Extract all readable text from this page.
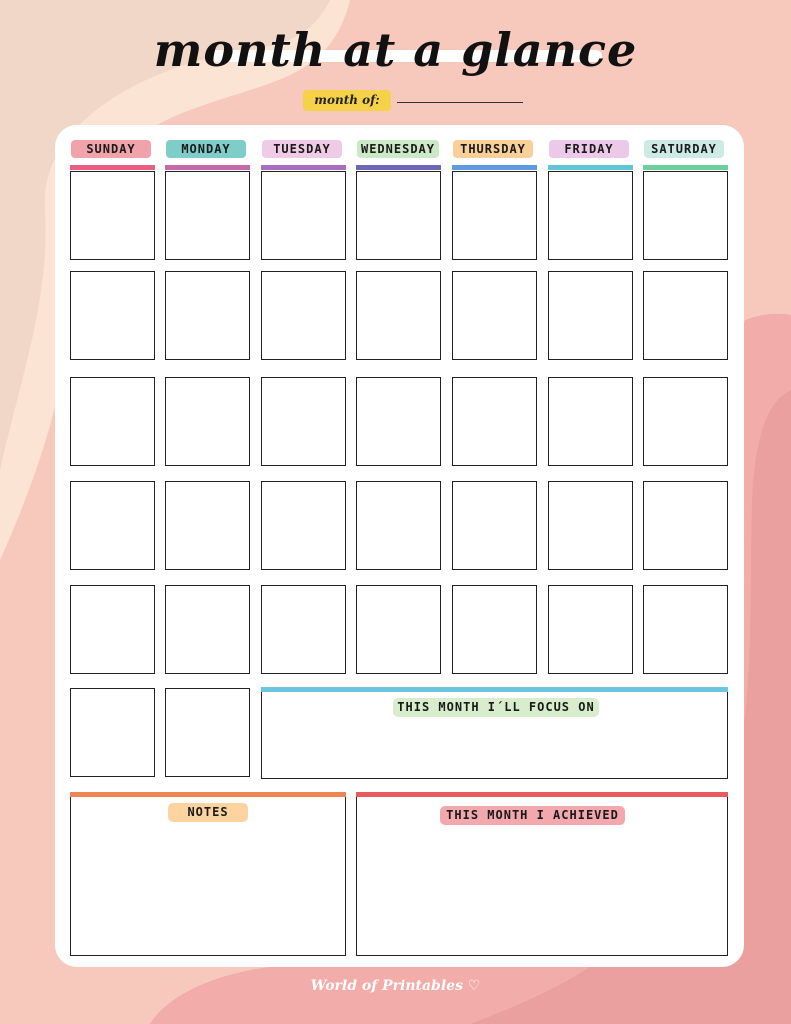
month at a glance
month of:
SUNDAY	MONDAY	TUESDAY	WEDNESDAY	THURSDAY	FRIDAY	SATURDAY
THIS MONTH I´LL FOCUS ON
NOTES	THIS MONTH I ACHIEVED
World of Printables ♡
